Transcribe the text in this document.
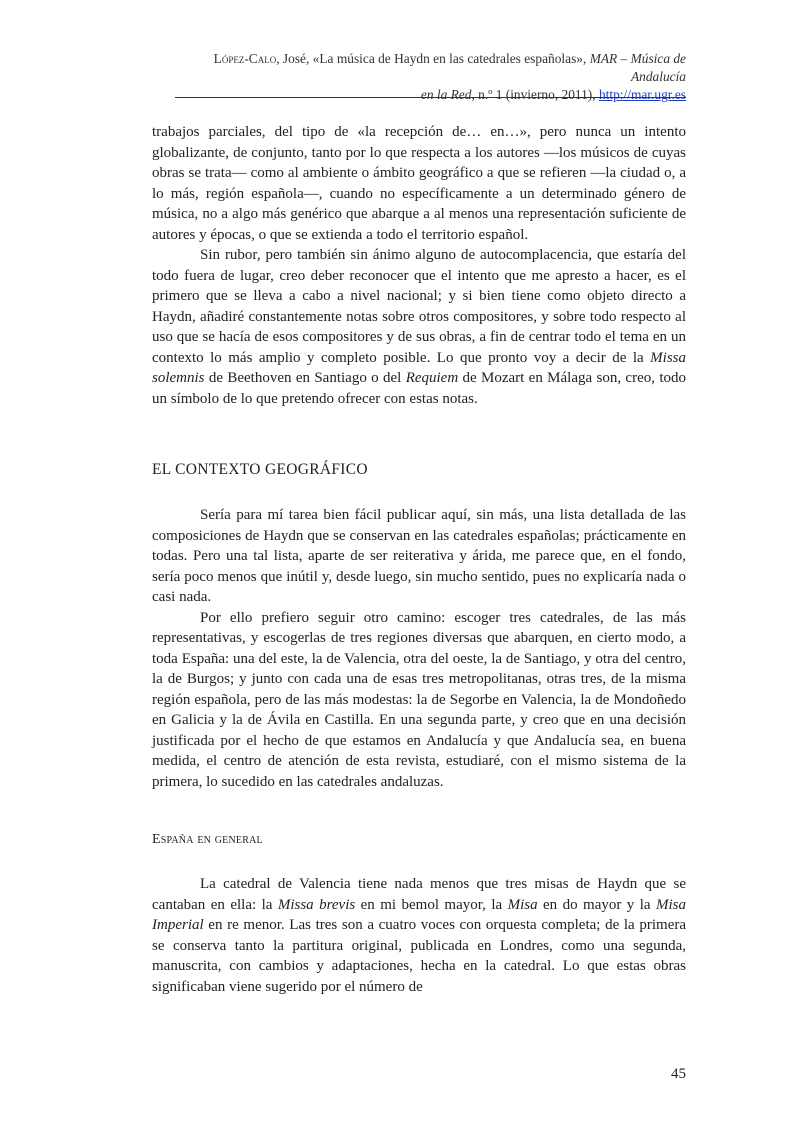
López-Calo, José, «La música de Haydn en las catedrales españolas», MAR – Música de Andalucía
en la Red, n.º 1 (invierno, 2011), http://mar.ugr.es

trabajos parciales, del tipo de «la recepción de… en…», pero nunca un intento globalizante, de conjunto, tanto por lo que respecta a los autores —los músicos de cuyas obras se trata— como al ambiente o ámbito geográfico a que se refieren —la ciudad o, a lo más, región española—, cuando no específicamente a un determinado género de música, no a algo más genérico que abarque a al menos una representación suficiente de autores y épocas, o que se extienda a todo el territorio español.

Sin rubor, pero también sin ánimo alguno de autocomplacencia, que estaría del todo fuera de lugar, creo deber reconocer que el intento que me apresto a hacer, es el primero que se lleva a cabo a nivel nacional; y si bien tiene como objeto directo a Haydn, añadiré constantemente notas sobre otros compositores, y sobre todo respecto al uso que se hacía de esos compositores y de sus obras, a fin de centrar todo el tema en un contexto lo más amplio y completo posible. Lo que pronto voy a decir de la Missa solemnis de Beethoven en Santiago o del Requiem de Mozart en Málaga son, creo, todo un símbolo de lo que pretendo ofrecer con estas notas.

EL CONTEXTO GEOGRÁFICO

Sería para mí tarea bien fácil publicar aquí, sin más, una lista detallada de las composiciones de Haydn que se conservan en las catedrales españolas; prácticamente en todas. Pero una tal lista, aparte de ser reiterativa y árida, me parece que, en el fondo, sería poco menos que inútil y, desde luego, sin mucho sentido, pues no explicaría nada o casi nada.

Por ello prefiero seguir otro camino: escoger tres catedrales, de las más representativas, y escogerlas de tres regiones diversas que abarquen, en cierto modo, a toda España: una del este, la de Valencia, otra del oeste, la de Santiago, y otra del centro, la de Burgos; y junto con cada una de esas tres metropolitanas, otras tres, de la misma región española, pero de las más modestas: la de Segorbe en Valencia, la de Mondoñedo en Galicia y la de Ávila en Castilla. En una segunda parte, y creo que en una decisión justificada por el hecho de que estamos en Andalucía y que Andalucía sea, en buena medida, el centro de atención de esta revista, estudiaré, con el mismo sistema de la primera, lo sucedido en las catedrales andaluzas.

España en general

La catedral de Valencia tiene nada menos que tres misas de Haydn que se cantaban en ella: la Missa brevis en mi bemol mayor, la Misa en do mayor y la Misa Imperial en re menor. Las tres son a cuatro voces con orquesta completa; de la primera se conserva tanto la partitura original, publicada en Londres, como una segunda, manuscrita, con cambios y adaptaciones, hecha en la catedral. Lo que estas obras significaban viene sugerido por el número de

45
